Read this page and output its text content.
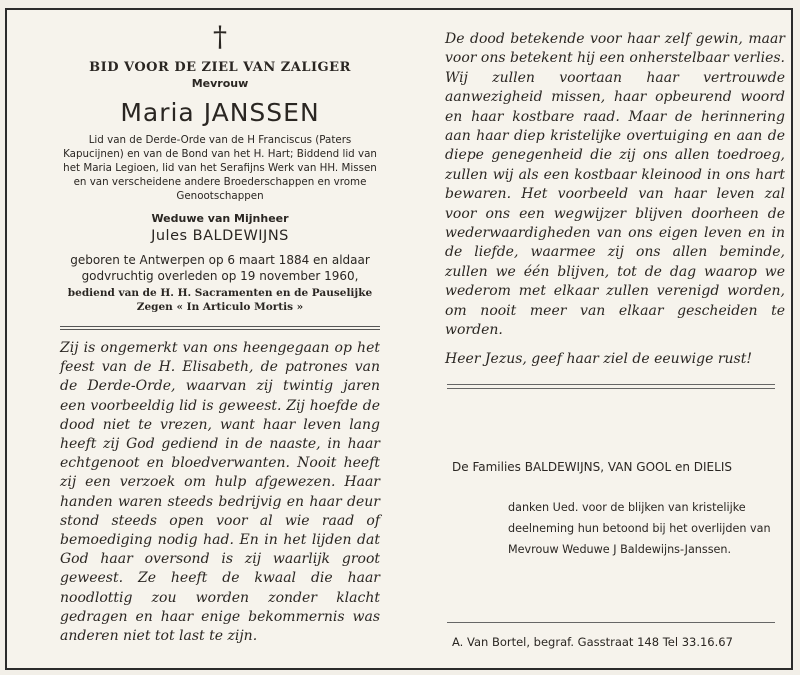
†
BID VOOR DE ZIEL VAN ZALIGER
Mevrouw
Maria JANSSEN
Lid van de Derde-Orde van de H Franciscus (Paters Kapucijnen) en van de Bond van het H. Hart; Biddend lid van het Maria Legioen, lid van het Serafijns Werk van HH. Missen en van verscheidene andere Broederschappen en vrome Genootschappen
Weduwe van Mijnheer
Jules BALDEWIJNS
geboren te Antwerpen op 6 maart 1884 en aldaar godvruchtig overleden op 19 november 1960,
bediend van de H. H. Sacramenten en de Pauselijke Zegen « In Articulo Mortis »
Zij is ongemerkt van ons heengegaan op het feest van de H. Elisabeth, de patrones van de Derde-Orde, waarvan zij twintig jaren een voorbeeldig lid is geweest. Zij hoefde de dood niet te vrezen, want haar leven lang heeft zij God gediend in de naaste, in haar echtgenoot en bloedverwanten. Nooit heeft zij een verzoek om hulp afgewezen. Haar handen waren steeds bedrijvig en haar deur stond steeds open voor al wie raad of bemoediging nodig had. En in het lijden dat God haar oversond is zij waarlijk groot geweest. Ze heeft de kwaal die haar noodlottig zou worden zonder klacht gedragen en haar enige bekommernis was anderen niet tot last te zijn.
De dood betekende voor haar zelf gewin, maar voor ons betekent hij een onherstelbaar verlies. Wij zullen voortaan haar vertrouwde aanwezigheid missen, haar opbeurend woord en haar kostbare raad. Maar de herinnering aan haar diep kristelijke overtuiging en aan de diepe genegenheid die zij ons allen toedroeg, zullen wij als een kostbaar kleinood in ons hart bewaren. Het voorbeeld van haar leven zal voor ons een wegwijzer blijven doorheen de wederwaardigheden van ons eigen leven en in de liefde, waarmee zij ons allen beminde, zullen we één blijven, tot de dag waarop we wederom met elkaar zullen verenigd worden, om nooit meer van elkaar gescheiden te worden.
Heer Jezus, geef haar ziel de eeuwige rust!
De Families BALDEWIJNS, VAN GOOL en DIELIS
danken Ued. voor de blijken van kristelijke deelneming hun betoond bij het overlijden van Mevrouw Weduwe J Baldewijns-Janssen.
A. Van Bortel, begraf. Gasstraat 148 Tel 33.16.67
